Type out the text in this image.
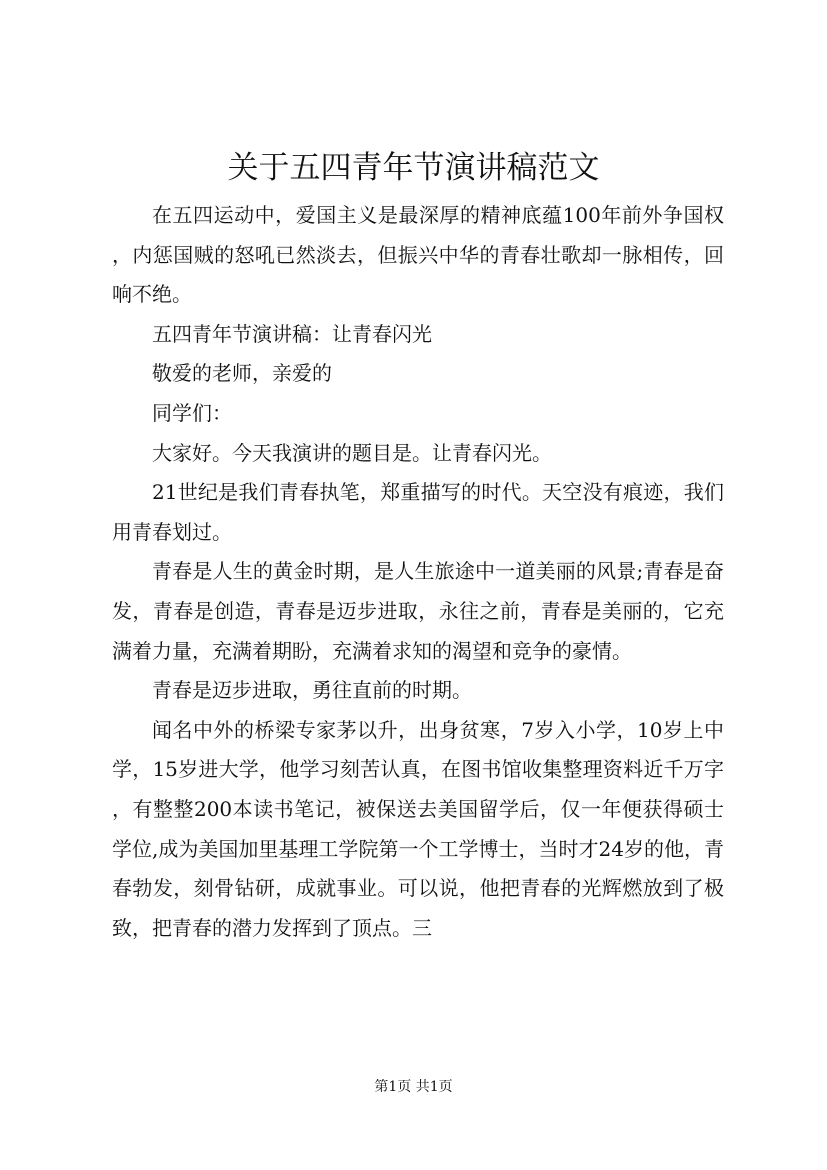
关于五四青年节演讲稿范文

在五四运动中，爱国主义是最深厚的精神底蕴100年前外争国权，内惩国贼的怒吼已然淡去，但振兴中华的青春壮歌却一脉相传，回响不绝。

五四青年节演讲稿：让青春闪光

敬爱的老师，亲爱的

同学们：

大家好。今天我演讲的题目是。让青春闪光。

21世纪是我们青春执笔，郑重描写的时代。天空没有痕迹，我们用青春划过。

青春是人生的黄金时期，是人生旅途中一道美丽的风景;青春是奋发，青春是创造，青春是迈步进取，永往之前，青春是美丽的，它充满着力量，充满着期盼，充满着求知的渴望和竞争的豪情。

青春是迈步进取，勇往直前的时期。

闻名中外的桥梁专家茅以升，出身贫寒，7岁入小学，10岁上中学，15岁进大学，他学习刻苦认真，在图书馆收集整理资料近千万字，有整整200本读书笔记，被保送去美国留学后，仅一年便获得硕士学位,成为美国加里基理工学院第一个工学博士，当时才24岁的他，青春勃发，刻骨钻研，成就事业。可以说，他把青春的光辉燃放到了极致，把青春的潜力发挥到了顶点。三

第1页 共1页
